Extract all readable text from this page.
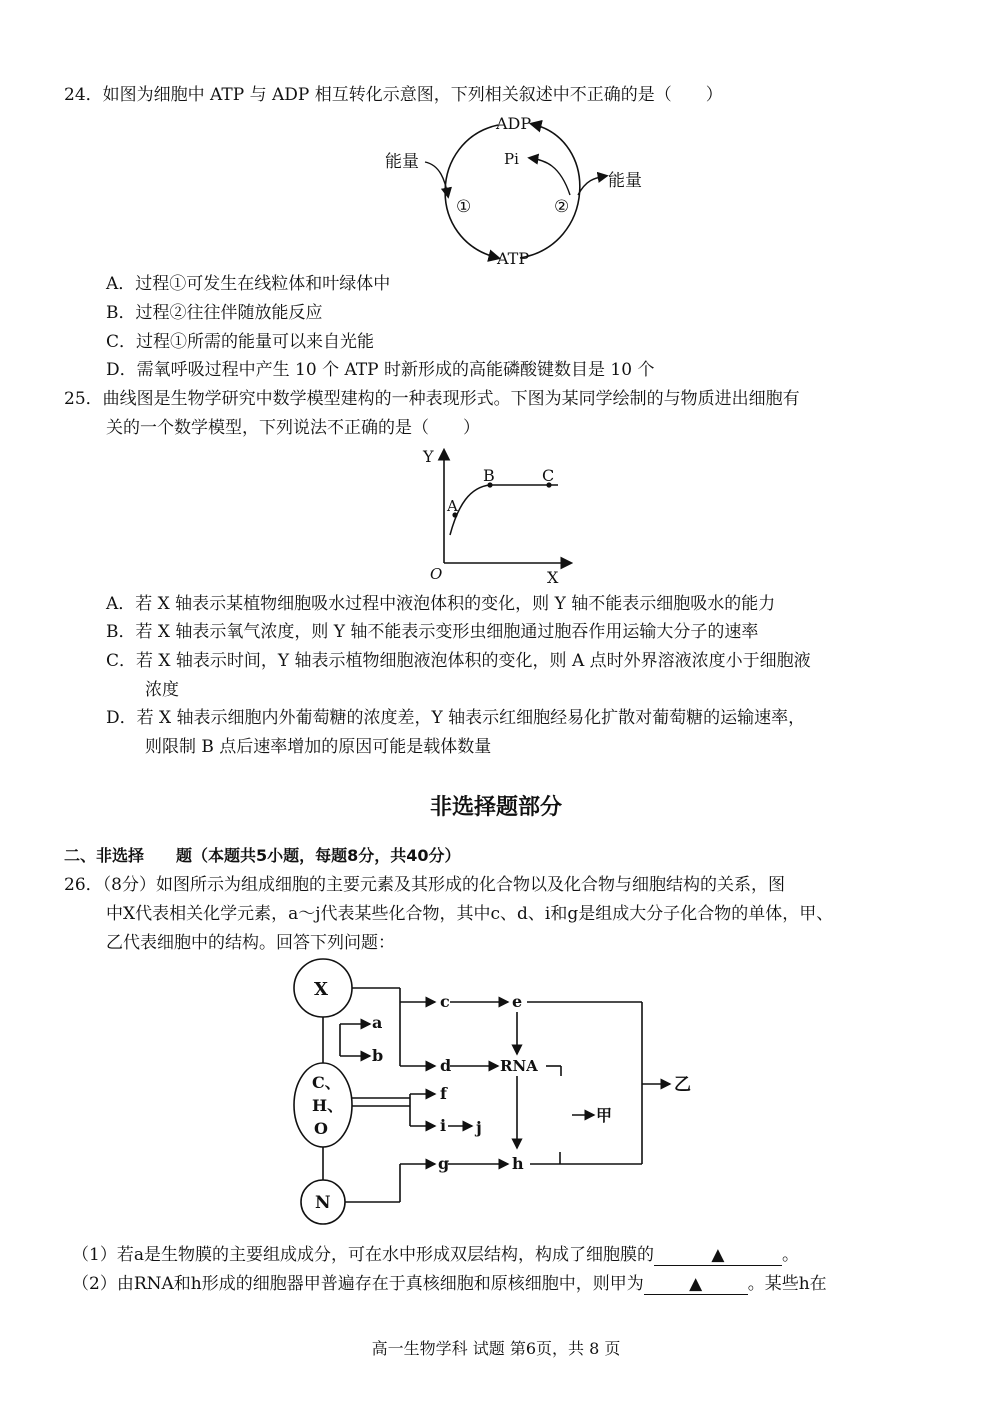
24．如图为细胞中 ATP 与 ADP 相互转化示意图，下列相关叙述中不正确的是（　　）
ADP
Pi
ATP
能量
能量
①	②
A．过程①可发生在线粒体和叶绿体中
B．过程②往往伴随放能反应
C．过程①所需的能量可以来自光能
D．需氧呼吸过程中产生 10 个 ATP 时新形成的高能磷酸键数目是 10 个
25．曲线图是生物学研究中数学模型建构的一种表现形式。下图为某同学绘制的与物质进出细胞有
关的一个数学模型，下列说法不正确的是（　　）
Y
X
O
A
B	C
A．若 X 轴表示某植物细胞吸水过程中液泡体积的变化，则 Y 轴不能表示细胞吸水的能力
B．若 X 轴表示氧气浓度，则 Y 轴不能表示变形虫细胞通过胞吞作用运输大分子的速率
C．若 X 轴表示时间，Y 轴表示植物细胞液泡体积的变化，则 A 点时外界溶液浓度小于细胞液
浓度
D．若 X 轴表示细胞内外葡萄糖的浓度差，Y 轴表示红细胞经易化扩散对葡萄糖的运输速率，
则限制 B 点后速率增加的原因可能是载体数量
非选择题部分
二、非选择　　题（本题共5小题，每题8分，共40分）
26．（8分）如图所示为组成细胞的主要元素及其形成的化合物以及化合物与细胞结构的关系，图
中X代表相关化学元素，a～j代表某些化合物，其中c、d、i和g是组成大分子化合物的单体，甲、
乙代表细胞中的结构。回答下列问题：
X
C、
H、
O
N
a
b
c
d
e
RNA
f
i j
g	h
甲
乙
（1）若a是生物膜的主要组成成分，可在水中形成双层结构，构成了细胞膜的	▲	。
（2）由RNA和h形成的细胞器甲普遍存在于真核细胞和原核细胞中，则甲为	▲	。某些h在
高一生物学科 试题 第6页，共 8 页
